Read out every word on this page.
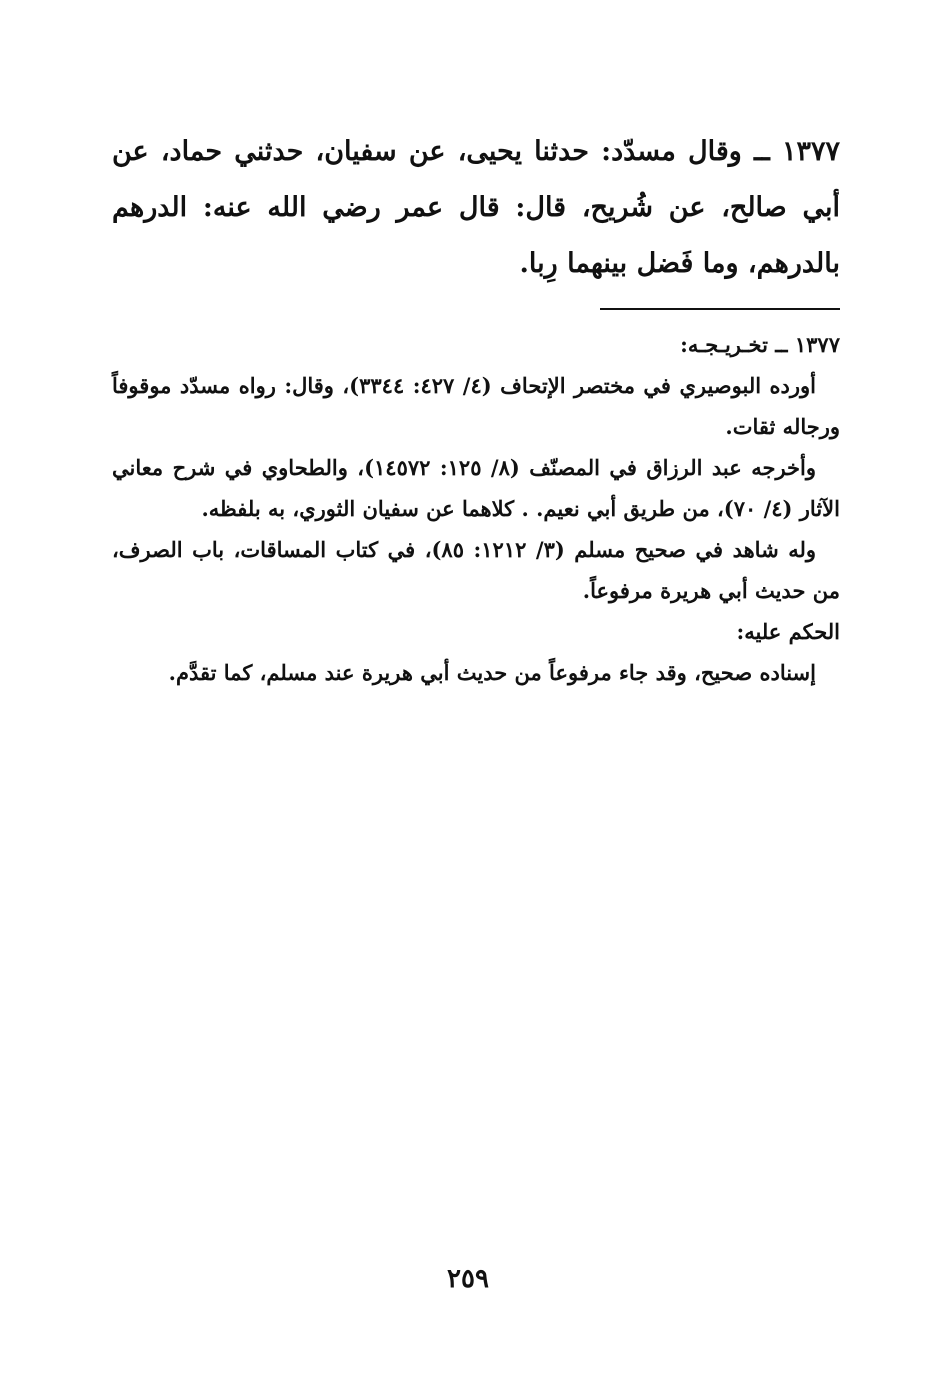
١٣٧٧ ــ وقال مسدّد: حدثنا يحيى، عن سفيان، حدثني حماد، عن أبي صالح، عن شُريح، قال: قال عمر رضي الله عنه: الدرهم بالدرهم، وما فَضل بينهما رِبا.

١٣٧٧ ــ تخـريـجـه:

أورده البوصيري في مختصر الإتحاف (٤/ ٤٢٧: ٣٣٤٤)، وقال: رواه مسدّد موقوفاً ورجاله ثقات.

وأخرجه عبد الرزاق في المصنّف (٨/ ١٢٥: ١٤٥٧٢)، والطحاوي في شرح معاني الآثار (٤/ ٧٠)، من طريق أبي نعيم. . كلاهما عن سفيان الثوري، به بلفظه.

وله شاهد في صحيح مسلم (٣/ ١٢١٢: ٨٥)، في كتاب المساقات، باب الصرف، من حديث أبي هريرة مرفوعاً.

الحكم عليه:

إسناده صحيح، وقد جاء مرفوعاً من حديث أبي هريرة عند مسلم، كما تقدَّم.

٢٥٩
